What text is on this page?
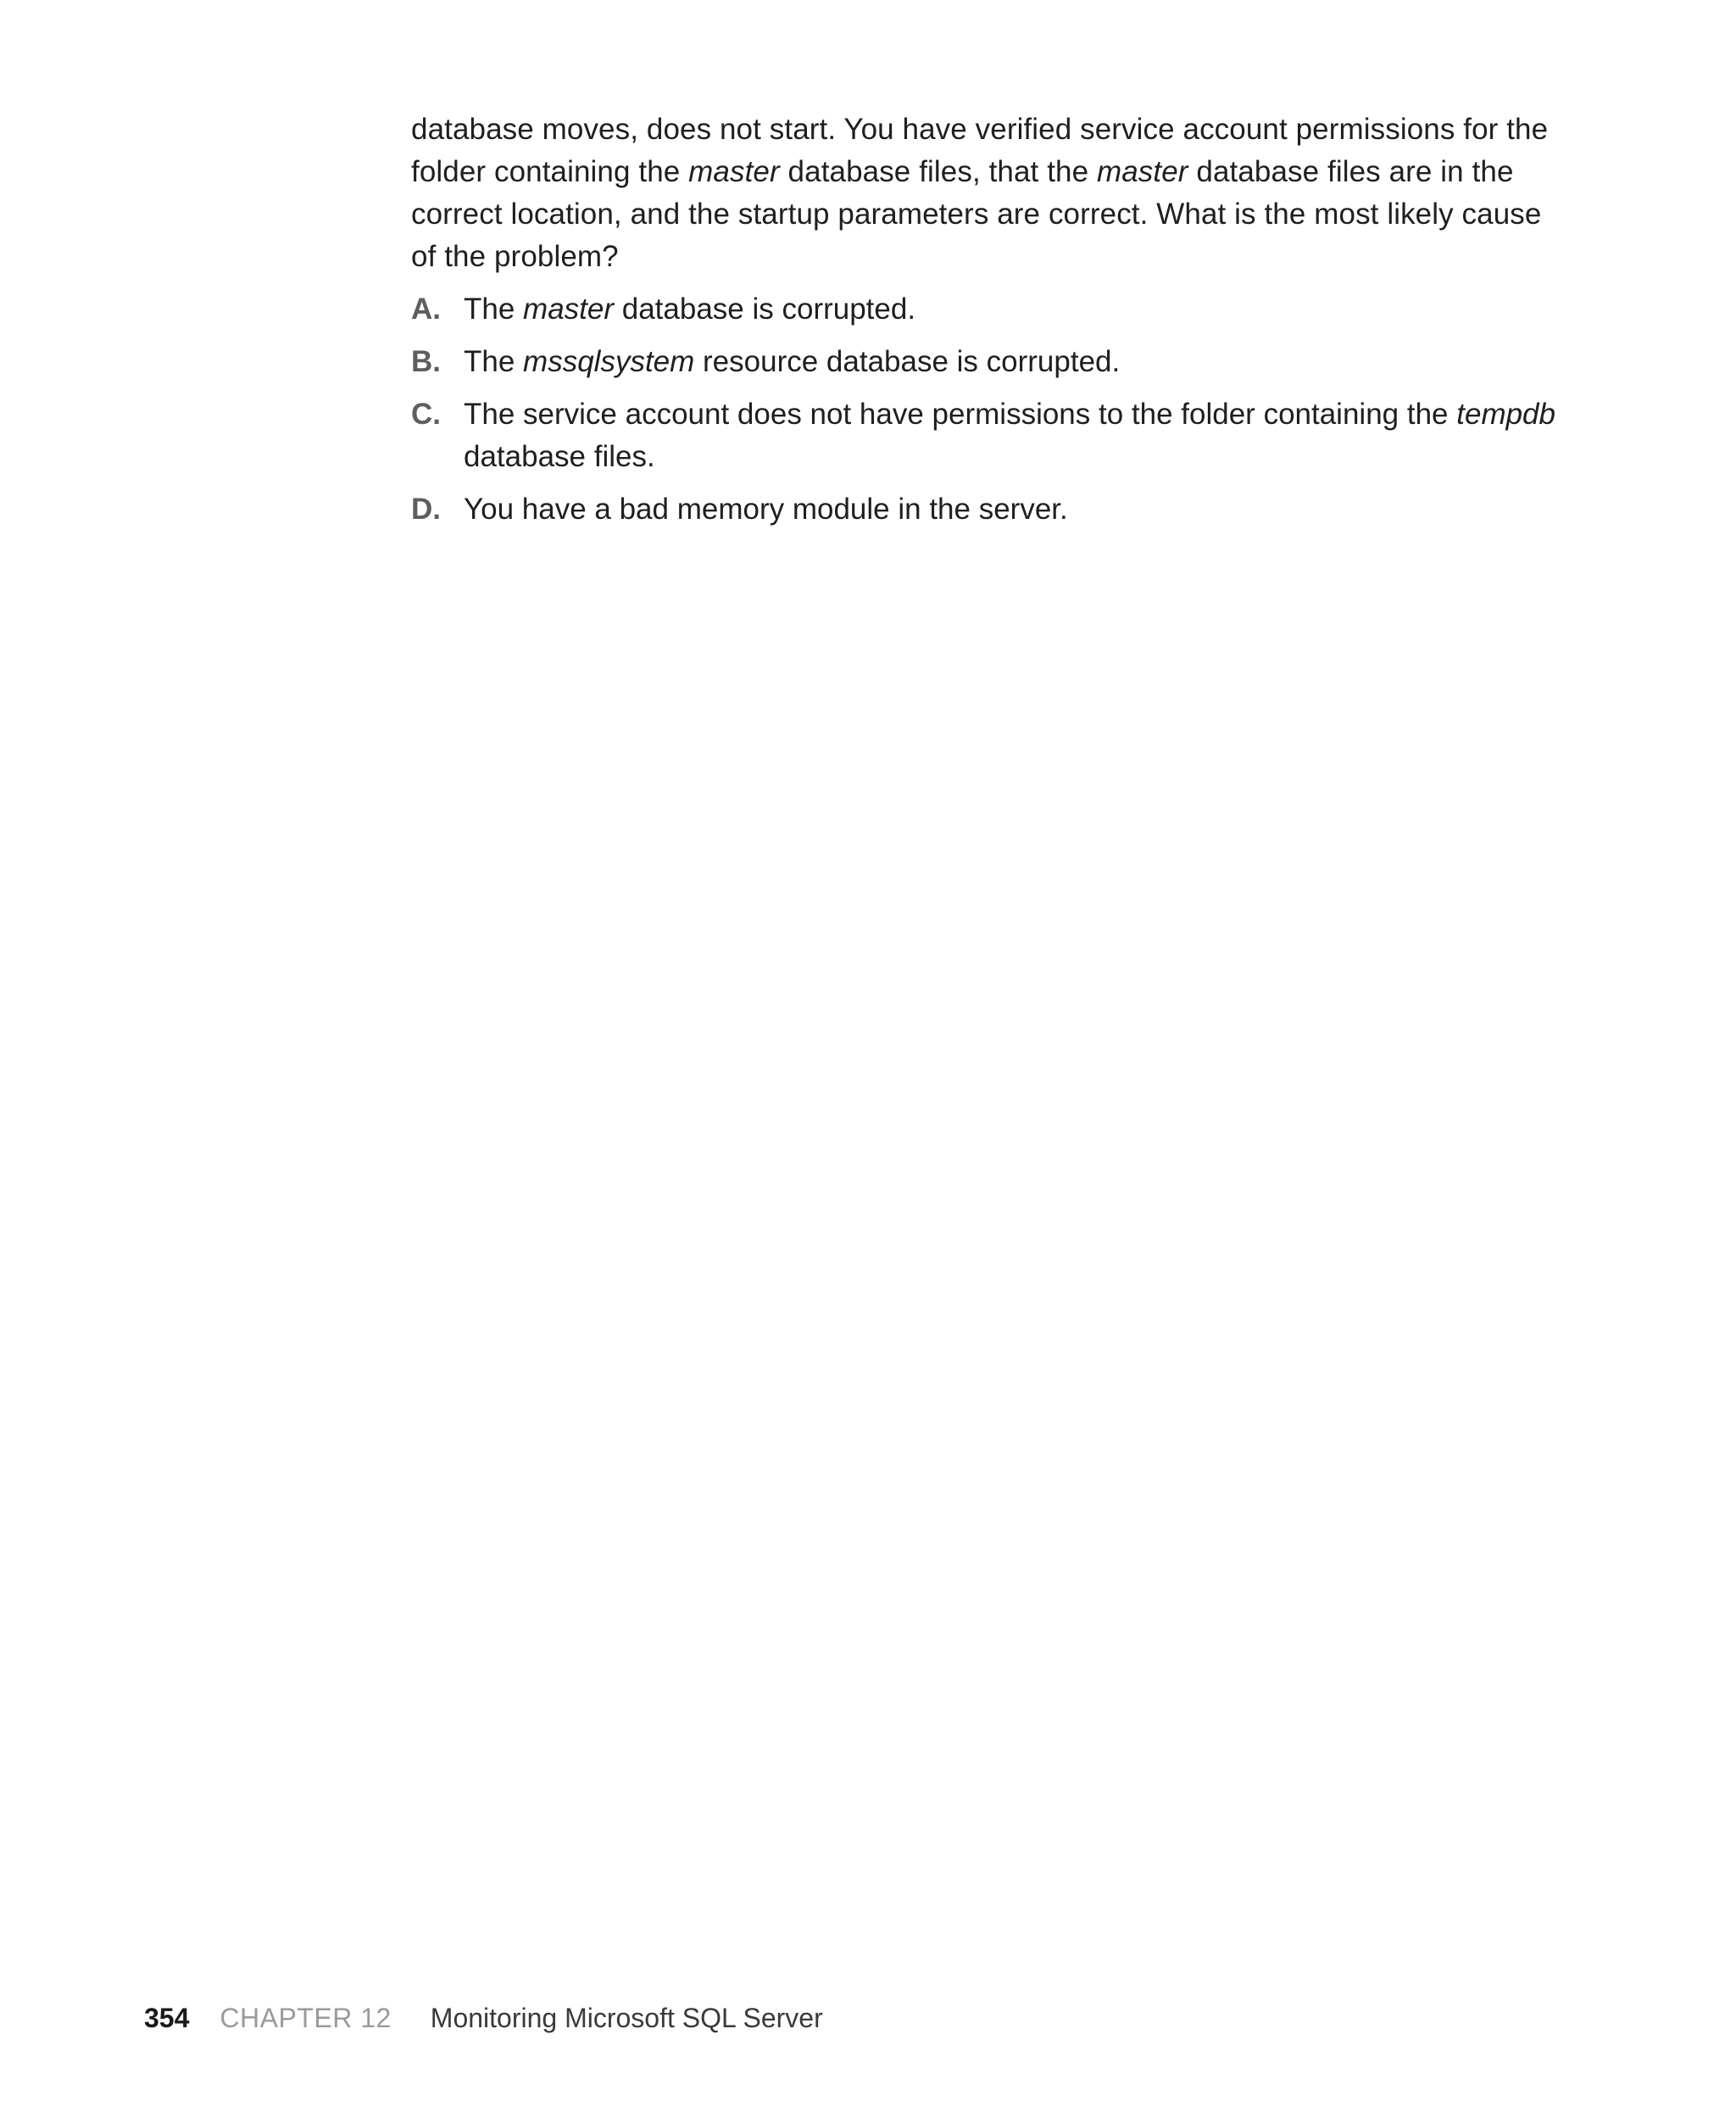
database moves, does not start. You have verified service account permissions for the folder containing the master database files, that the master database files are in the correct location, and the startup parameters are correct. What is the most likely cause of the problem?

A. The master database is corrupted.
B. The mssqlsystem resource database is corrupted.
C. The service account does not have permissions to the folder containing the tempdb database files.
D. You have a bad memory module in the server.
354 CHAPTER 12 Monitoring Microsoft SQL Server
